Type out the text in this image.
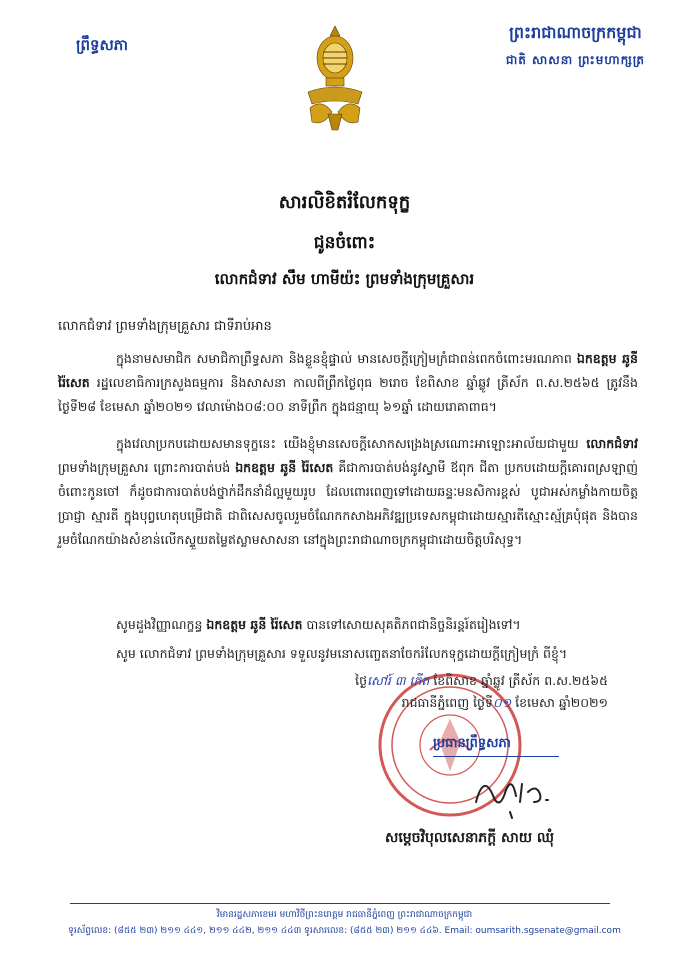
ព្រឹទ្ធសភា
ព្រះរាជាណាចក្រកម្ពុជា
ជាតិ សាសនា ព្រះមហាក្សត្រ
សារលិខិតរំលែកទុក្ខ
ជូនចំពោះ
លោកជំទាវ សឹម ហាមីយ៉ះ ព្រមទាំងក្រុមគ្រួសារ
លោកជំទាវ ព្រមទាំងក្រុមគ្រួសារ ជាទីរាប់អាន
ក្នុងនាមសមាជិក សមាជិកាព្រឹទ្ធសភា និងខ្លួនខ្ញុំផ្ទាល់ មានសេចក្ដីក្រៀមក្រំជាពន់ពេកចំពោះមរណភាព ឯកឧត្តម ឆូនី រ៉ៃសេត រដ្ឋលេខាធិការក្រសួងធម្មការ និងសាសនា កាលពីព្រឹកថ្ងៃពុធ ២រោច ខែពិសាខ ឆ្នាំឆ្លូវ ត្រីស័ក ព.ស.២៥៦៥ ត្រូវនឹងថ្ងៃទី២៨ ខែមេសា ឆ្នាំ២០២១ វេលាម៉ោង០៨:០០ នាទីព្រឹក ក្នុងជន្មាយុ ៦១ឆ្នាំ ដោយរោគាពាធ។
ក្នុងវេលាប្រកបដោយសមានទុក្ខនេះ យើងខ្ញុំមានសេចក្ដីសោកសង្រេងស្រណោះអាឡោះអាល័យជាមួយ លោកជំទាវ ព្រមទាំងក្រុមគ្រួសារ ព្រោះការបាត់បង់ ឯកឧត្តម ឆូនី រ៉ៃសេត គឺជាការបាត់បង់នូវស្វាមី ឪពុក ជីតា ប្រកបដោយក្ដីគោរពស្រឡាញ់ចំពោះកូនចៅ ក៏ដូចជាការបាត់បង់ថ្នាក់ដឹកនាំដ៏ល្អមួយរូប ដែលពោរពេញទៅដោយឆន្ទៈមនសិការខ្ពស់ បូជាអស់កម្លាំងកាយចិត្ត ប្រាជ្ញា ស្មារតី ក្នុងបុព្វហេតុបម្រើជាតិ ជាពិសេសចូលរួមចំណែកកសាងអភិវឌ្ឍប្រទេសកម្ពុជាដោយស្មារតីស្មោះស្ម័គ្រប៉ំផុត និងបានរួមចំណែកយ៉ាងសំខាន់លើកស្ទួយតម្លៃឥស្លាមសាសនា នៅក្នុងព្រះរាជាណាចក្រកម្ពុជាដោយចិត្តបរិសុទ្ធ។
សូមដួងវិញ្ញាណក្ខន្ធ ឯកឧត្តម ឆូនី រ៉ៃសេត បានទៅសោយសុគតិភពជានិច្ចនិរន្តរ៍តរៀងទៅ។
សូម លោកជំទាវ ព្រមទាំងក្រុមគ្រួសារ ទទួលនូវមនោសញ្ចេតនាចែករំលែកទុក្ខដោយក្ដីក្រៀមក្រំ ពីខ្ញុំ។
ថ្ងៃសៅរ៍ ៣ កើត ខែពិសាខ ឆ្នាំឆ្លូវ ត្រីស័ក ព.ស.២៥៦៥
រាជធានីភ្នំពេញ ថ្ងៃទី០១ ខែមេសា ឆ្នាំ២០២១
ប្រធានព្រឹទ្ធសភា
សម្តេចវិបុលសេនាភក្តី សាយ ឈុំ
វិមានរដ្ឋសភាខេមរ មហាវិថីព្រះនរោត្តម រាជធានីភ្នំពេញ ព្រះរាជាណាចក្រកម្ពុជា
ទូរស័ព្ទលេខ: (៨៥៥ ២៣) ២១១ ៤៤១, ២១១ ៤៤២, ២១១ ៤៤៣ ទូរសារលេខ: (៨៥៥ ២៣) ២១១ ៤៤៦. Email: oumsarith.sgsenate@gmail.com
